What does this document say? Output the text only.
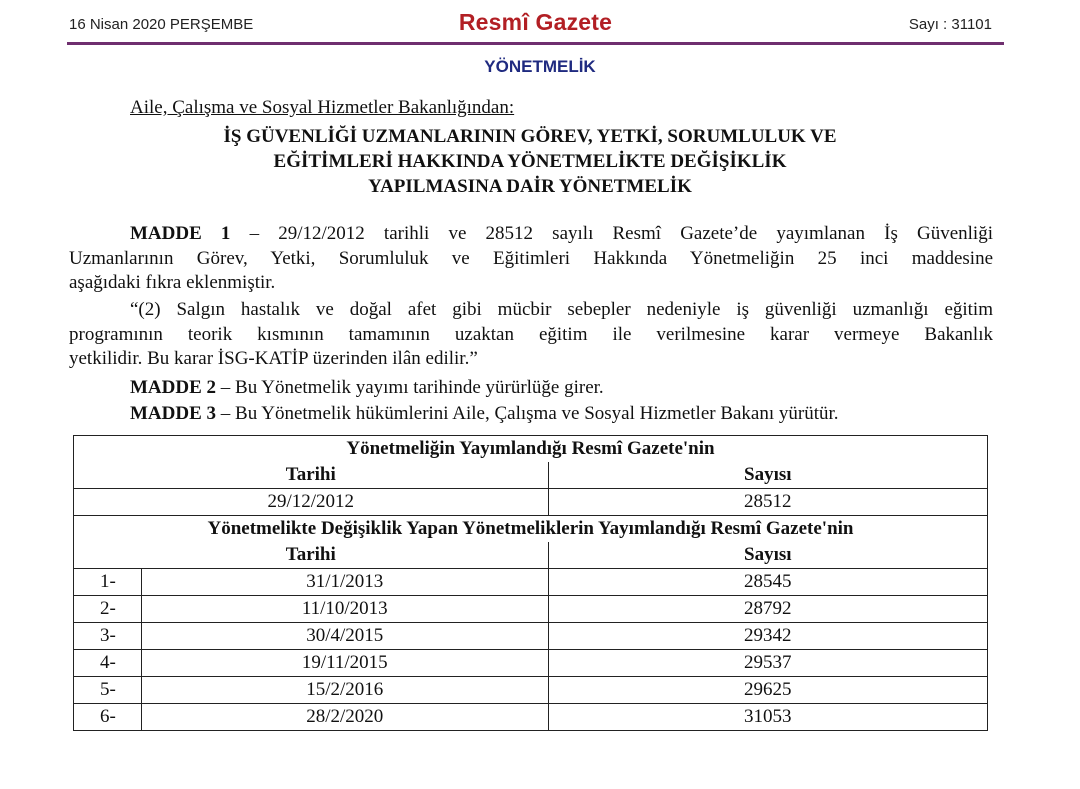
16 Nisan 2020 PERŞEMBE	Resmî Gazete	Sayı : 31101
YÖNETMELİK
Aile, Çalışma ve Sosyal Hizmetler Bakanlığından:
İŞ GÜVENLİĞİ UZMANLARININ GÖREV, YETKİ, SORUMLULUK VE
EĞİTİMLERİ HAKKINDA YÖNETMELİKTE DEĞİŞİKLİK
YAPILMASINA DAİR YÖNETMELİK
MADDE 1 – 29/12/2012 tarihli ve 28512 sayılı Resmî Gazete’de yayımlanan İş Güvenliği
Uzmanlarının Görev, Yetki, Sorumluluk ve Eğitimleri Hakkında Yönetmeliğin 25 inci maddesine
aşağıdaki fıkra eklenmiştir.
“(2) Salgın hastalık ve doğal afet gibi mücbir sebepler nedeniyle iş güvenliği uzmanlığı eğitim
programının teorik kısmının tamamının uzaktan eğitim ile verilmesine karar vermeye Bakanlık
yetkilidir. Bu karar İSG-KATİP üzerinden ilân edilir.”
MADDE 2 – Bu Yönetmelik yayımı tarihinde yürürlüğe girer.
MADDE 3 – Bu Yönetmelik hükümlerini Aile, Çalışma ve Sosyal Hizmetler Bakanı yürütür.
Yönetmeliğin Yayımlandığı Resmî Gazete'nin		
Tarihi		Sayısı
29/12/2012		28512
Yönetmelikte Değişiklik Yapan Yönetmeliklerin Yayımlandığı Resmî Gazete'nin		
Tarihi		Sayısı
1-	31/1/2013	28545
2-	11/10/2013	28792
3-	30/4/2015	29342
4-	19/11/2015	29537
5-	15/2/2016	29625
6-	28/2/2020	31053
